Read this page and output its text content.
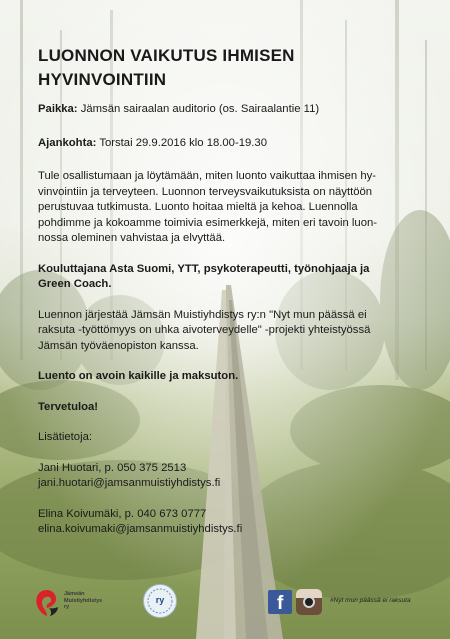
LUONNON VAIKUTUS IHMISEN
HYVINVOINTIIN

Paikka: Jämsän sairaalan auditorio (os. Sairaalantie 11)

Ajankohta: Torstai 29.9.2016 klo 18.00-19.30

Tule osallistumaan ja löytämään, miten luonto vaikuttaa ihmisen hy-
vinvointiin ja terveyteen. Luonnon terveysvaikutuksista on näyttöön
perustuvaa tutkimusta. Luonto hoitaa mieltä ja kehoa. Luennolla
pohdimme ja kokoamme toimivia esimerkkejä, miten eri tavoin luon-
nossa oleminen vahvistaa ja elvyttää.

Kouluttajana Asta Suomi, YTT, psykoterapeutti, työnohjaaja ja
Green Coach.

Luennon järjestää Jämsän Muistiyhdistys ry:n "Nyt mun päässä ei
raksuta -työttömyys on uhka aivoterveydelle" -projekti yhteistyössä
Jämsän työväenopiston kanssa.

Luento on avoin kaikille ja maksuton.

Tervetuloa!

Lisätietoja:

Jani Huotari, p. 050 375 2513
jani.huotari@jamsanmuistiyhdistys.fi

Elina Koivumäki, p. 040 673 0777
elina.koivumaki@jamsanmuistiyhdistys.fi

Jämsän
Muistiyhdistys
ry
ry	f	#Nyt mun päässä ei raksuta
